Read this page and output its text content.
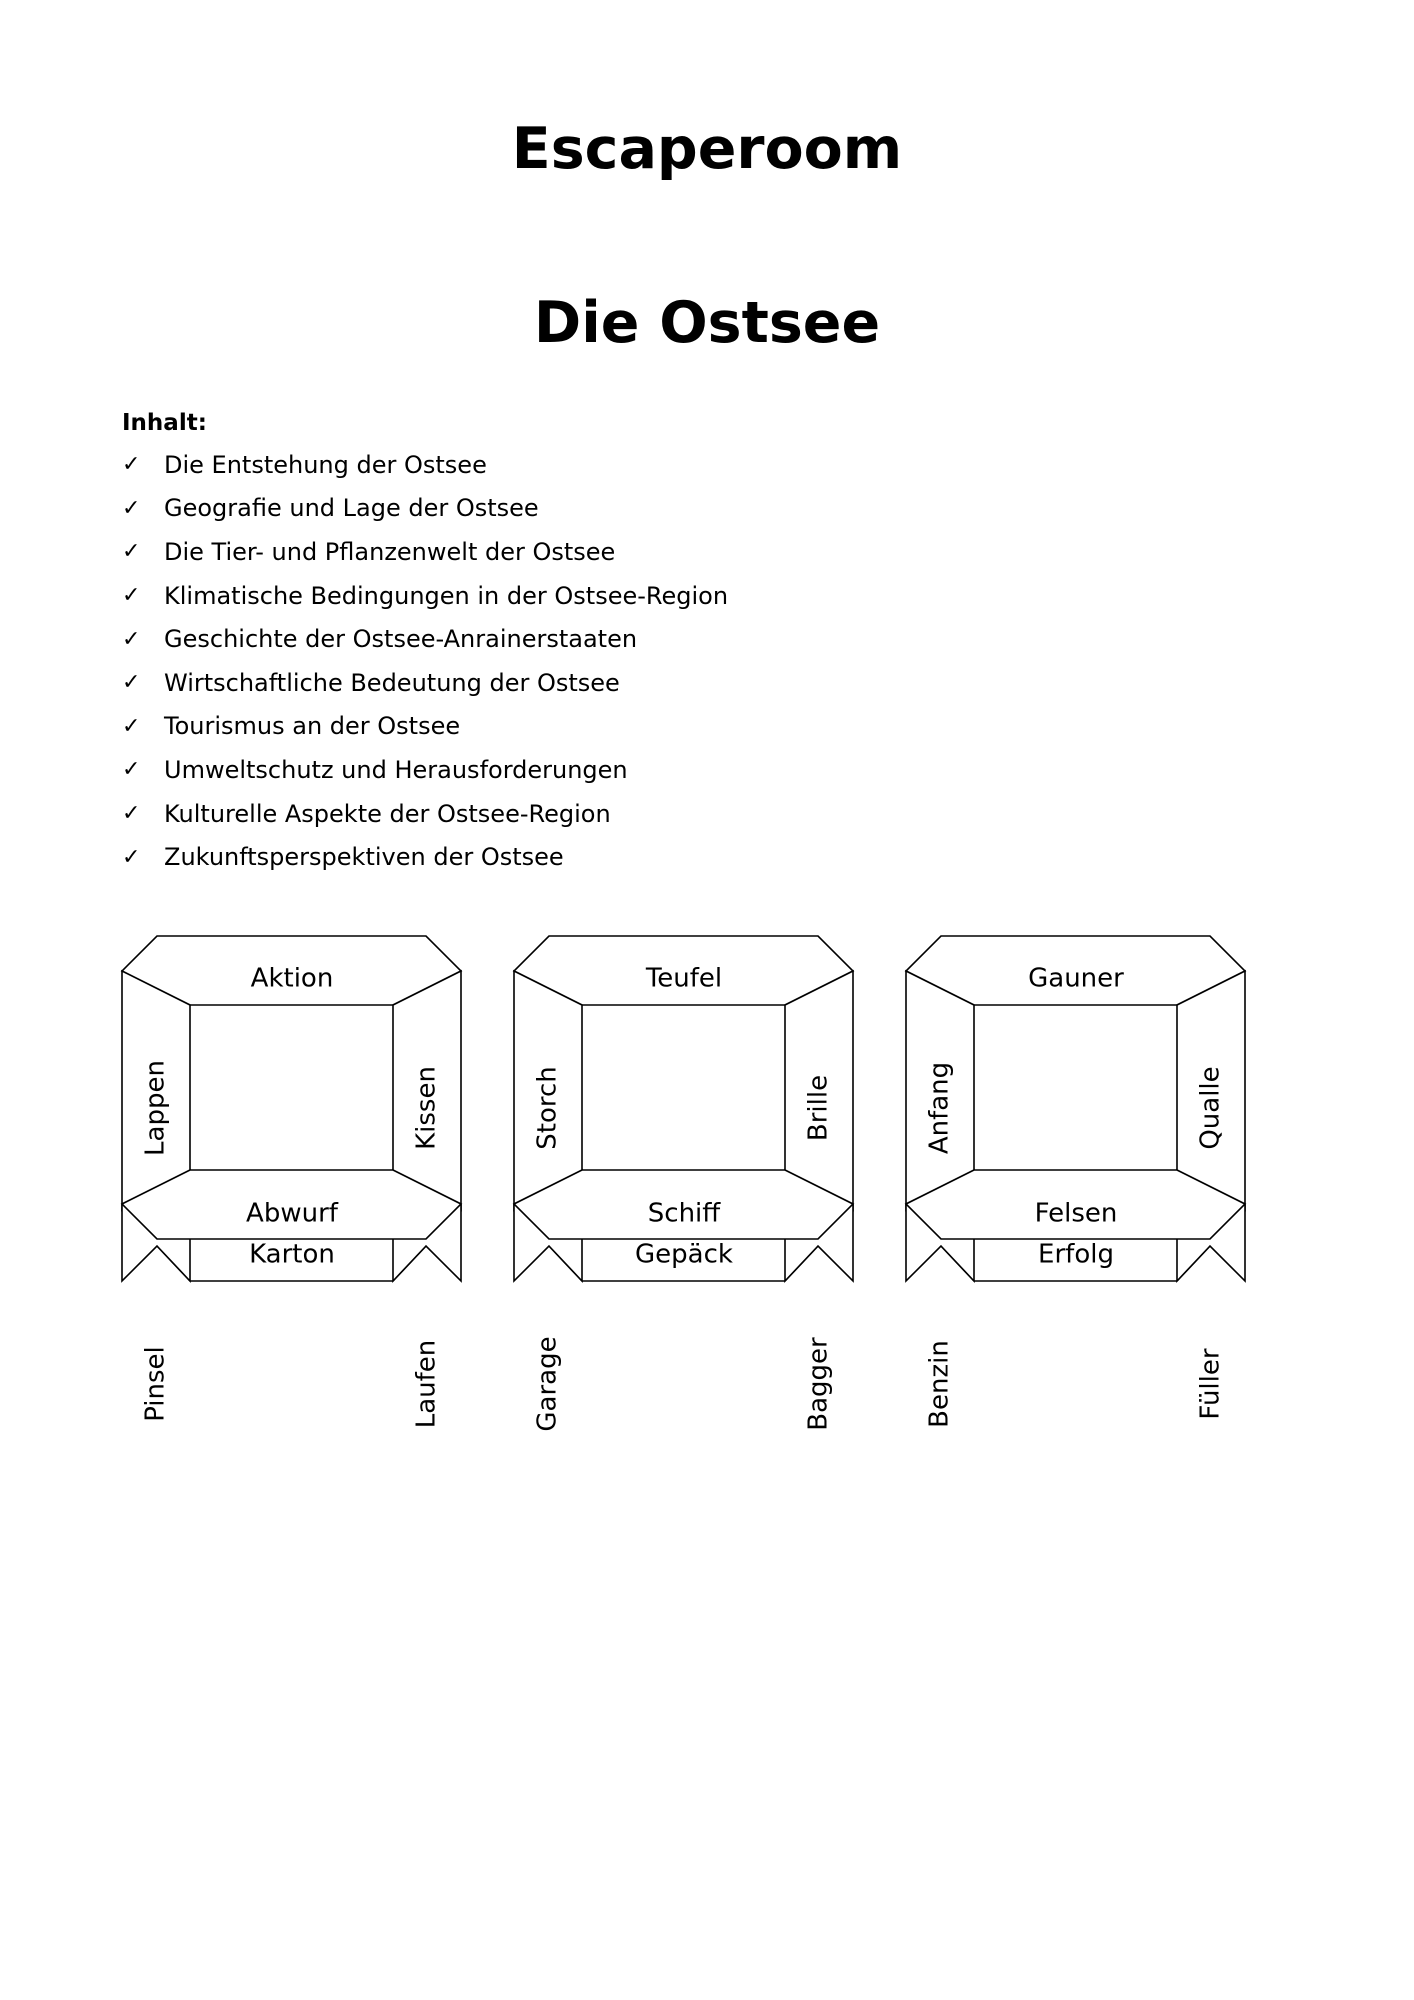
Escaperoom
Die Ostsee
Inhalt:
✓ Die Entstehung der Ostsee
✓ Geografie und Lage der Ostsee
✓ Die Tier- und Pflanzenwelt der Ostsee
✓ Klimatische Bedingungen in der Ostsee-Region
✓ Geschichte der Ostsee-Anrainerstaaten
✓ Wirtschaftliche Bedeutung der Ostsee
✓ Tourismus an der Ostsee
✓ Umweltschutz und Herausforderungen
✓ Kulturelle Aspekte der Ostsee-Region
✓ Zukunftsperspektiven der Ostsee
Aktion
Karton
Abwurf
Lappen	Kissen
Pinsel	Laufen
Teufel
Gepäck
Schiff
Storch	Brille
Garage	Bagger
Gauner
Erfolg
Felsen
Anfang	Qualle
Benzin	Füller
